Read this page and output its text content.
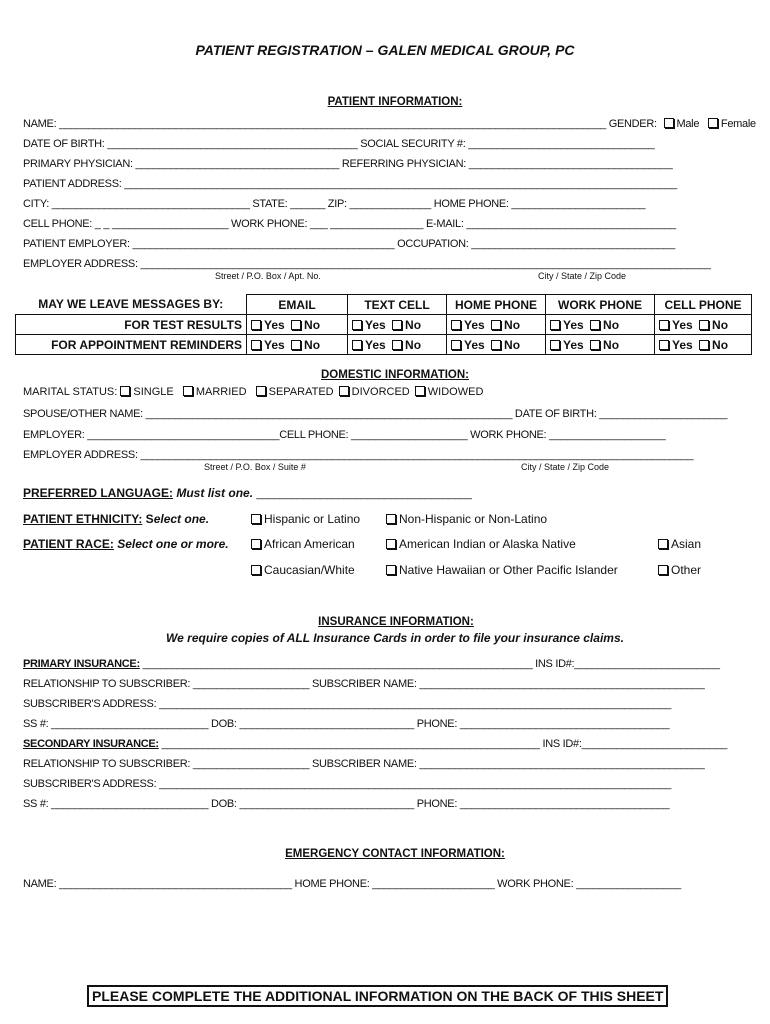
PATIENT REGISTRATION – GALEN MEDICAL GROUP, PC
PATIENT INFORMATION:
NAME: ______________________________________________________________________________________________ GENDER: Male Female
DATE OF BIRTH: ___________________________________________ SOCIAL SECURITY #: ________________________________
PRIMARY PHYSICIAN: ___________________________________ REFERRING PHYSICIAN: ___________________________________
PATIENT ADDRESS: _______________________________________________________________________________________________
CITY: __________________________________ STATE: ______ ZIP: ______________ HOME PHONE: _______________________
CELL PHONE: _ _ ____________________ WORK PHONE: ___ ________________ E-MAIL: ____________________________________
PATIENT EMPLOYER: _____________________________________________ OCCUPATION: ___________________________________
EMPLOYER ADDRESS: __________________________________________________________________________________________________
Street / P.O. Box / Apt. No.	City / State / Zip Code
MAY WE LEAVE MESSAGES BY:	EMAIL	TEXT CELL	HOME PHONE	WORK PHONE	CELL PHONE
FOR TEST RESULTS	Yes No	Yes No	Yes No	Yes No	Yes No
FOR APPOINTMENT REMINDERS	Yes No	Yes No	Yes No	Yes No	Yes No
DOMESTIC INFORMATION:
MARITAL STATUS: SINGLE MARRIED SEPARATED DIVORCED WIDOWED
SPOUSE/OTHER NAME: _______________________________________________________________ DATE OF BIRTH: ______________________
EMPLOYER: _________________________________CELL PHONE: ____________________ WORK PHONE: ____________________
EMPLOYER ADDRESS: _______________________________________________________________________________________________
Street / P.O. Box / Suite #	City / State / Zip Code
PREFERRED LANGUAGE: Must list one. _____________________________________
PATIENT ETHNICITY: Select one.	Hispanic or Latino	Non-Hispanic or Non-Latino
PATIENT RACE: Select one or more.	African American	American Indian or Alaska Native	Asian
Caucasian/White	Native Hawaiian or Other Pacific Islander	Other
INSURANCE INFORMATION:
We require copies of ALL Insurance Cards in order to file your insurance claims.
PRIMARY INSURANCE: ___________________________________________________________________ INS ID#:_________________________
RELATIONSHIP TO SUBSCRIBER: ____________________ SUBSCRIBER NAME: _________________________________________________
SUBSCRIBER'S ADDRESS: ________________________________________________________________________________________
SS #: ___________________________ DOB: ______________________________ PHONE: ____________________________________
SECONDARY INSURANCE: _________________________________________________________________ INS ID#:_________________________
RELATIONSHIP TO SUBSCRIBER: ____________________ SUBSCRIBER NAME: _________________________________________________
SUBSCRIBER'S ADDRESS: ________________________________________________________________________________________
SS #: ___________________________ DOB: ______________________________ PHONE: ____________________________________
EMERGENCY CONTACT INFORMATION:
NAME: ________________________________________ HOME PHONE: _____________________ WORK PHONE: __________________
PLEASE COMPLETE THE ADDITIONAL INFORMATION ON THE BACK OF THIS SHEET
